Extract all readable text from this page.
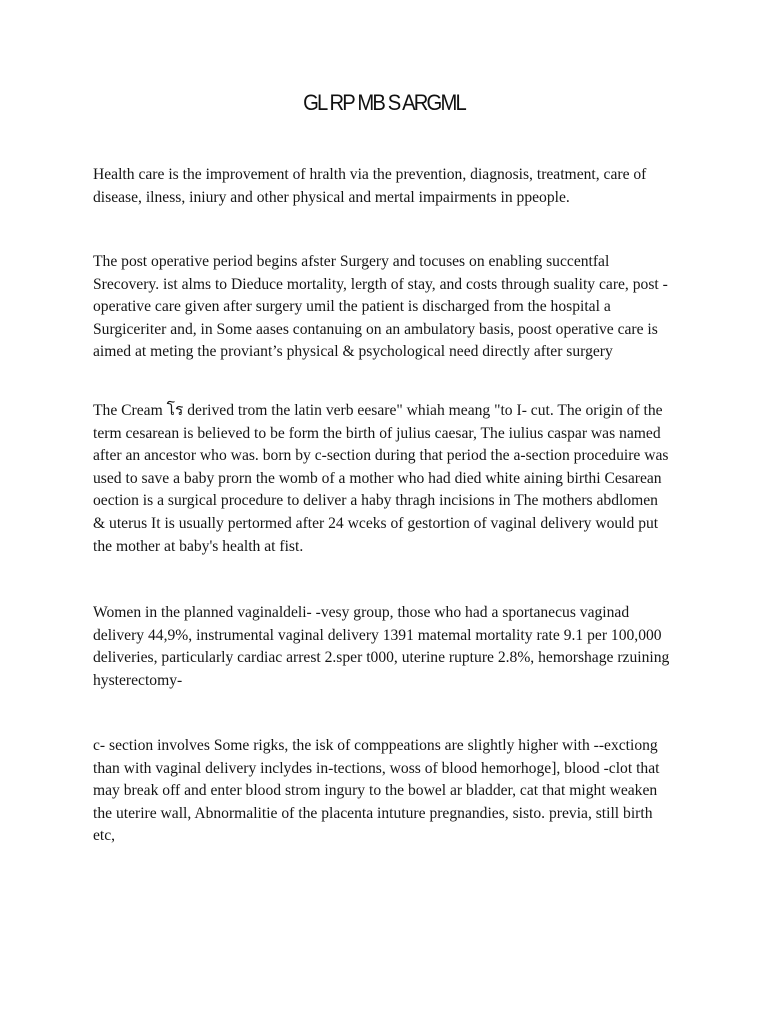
GL RP MB S ARGML

Health care is the improvement of hralth via the prevention, diagnosis, treatment, care of disease, ilness, iniury and other physical and mertal impairments in ppeople.

The post operative period begins afster Surgery and tocuses on enabling succentfal Srecovery. ist alms to Dieduce mortality, lergth of stay, and costs through suality care, post -operative care given after surgery umil the patient is discharged from the hospital a Surgiceriter and, in Some aases contanuing on an ambulatory basis, poost operative care is aimed at meting the proviant’s physical & psychological need directly after surgery

The Cream โร derived trom the latin verb eesare" whiah meang "to I- cut. The origin of the term cesarean is believed to be form the birth of julius caesar, The iulius caspar was named after an ancestor who was. born by c-section during that period the a-section proceduire was used to save a baby prorn the womb of a mother who had died white aining birthi Cesarean oection is a surgical procedure to deliver a haby thragh incisions in The mothers abdlomen & uterus It is usually pertormed after 24 wceks of gestortion of vaginal delivery would put the mother at baby's health at fist.

Women in the planned vaginaldeli- -vesy group, those who had a sportanecus vaginad delivery 44,9%, instrumental vaginal delivery 1391 matemal mortality rate 9.1 per 100,000 deliveries, particularly cardiac arrest 2.sper t000, uterine rupture 2.8%, hemorshage rzuining hysterectomy-

c- section involves Some rigks, the isk of comppeations are slightly higher with --exctiong than with vaginal delivery inclydes in-tections, woss of blood hemorhoge], blood -clot that may break off and enter blood strom ingury to the bowel ar bladder, cat that might weaken the uterire wall, Abnormalitie of the placenta intuture pregnandies, sisto. previa, still birth etc,
